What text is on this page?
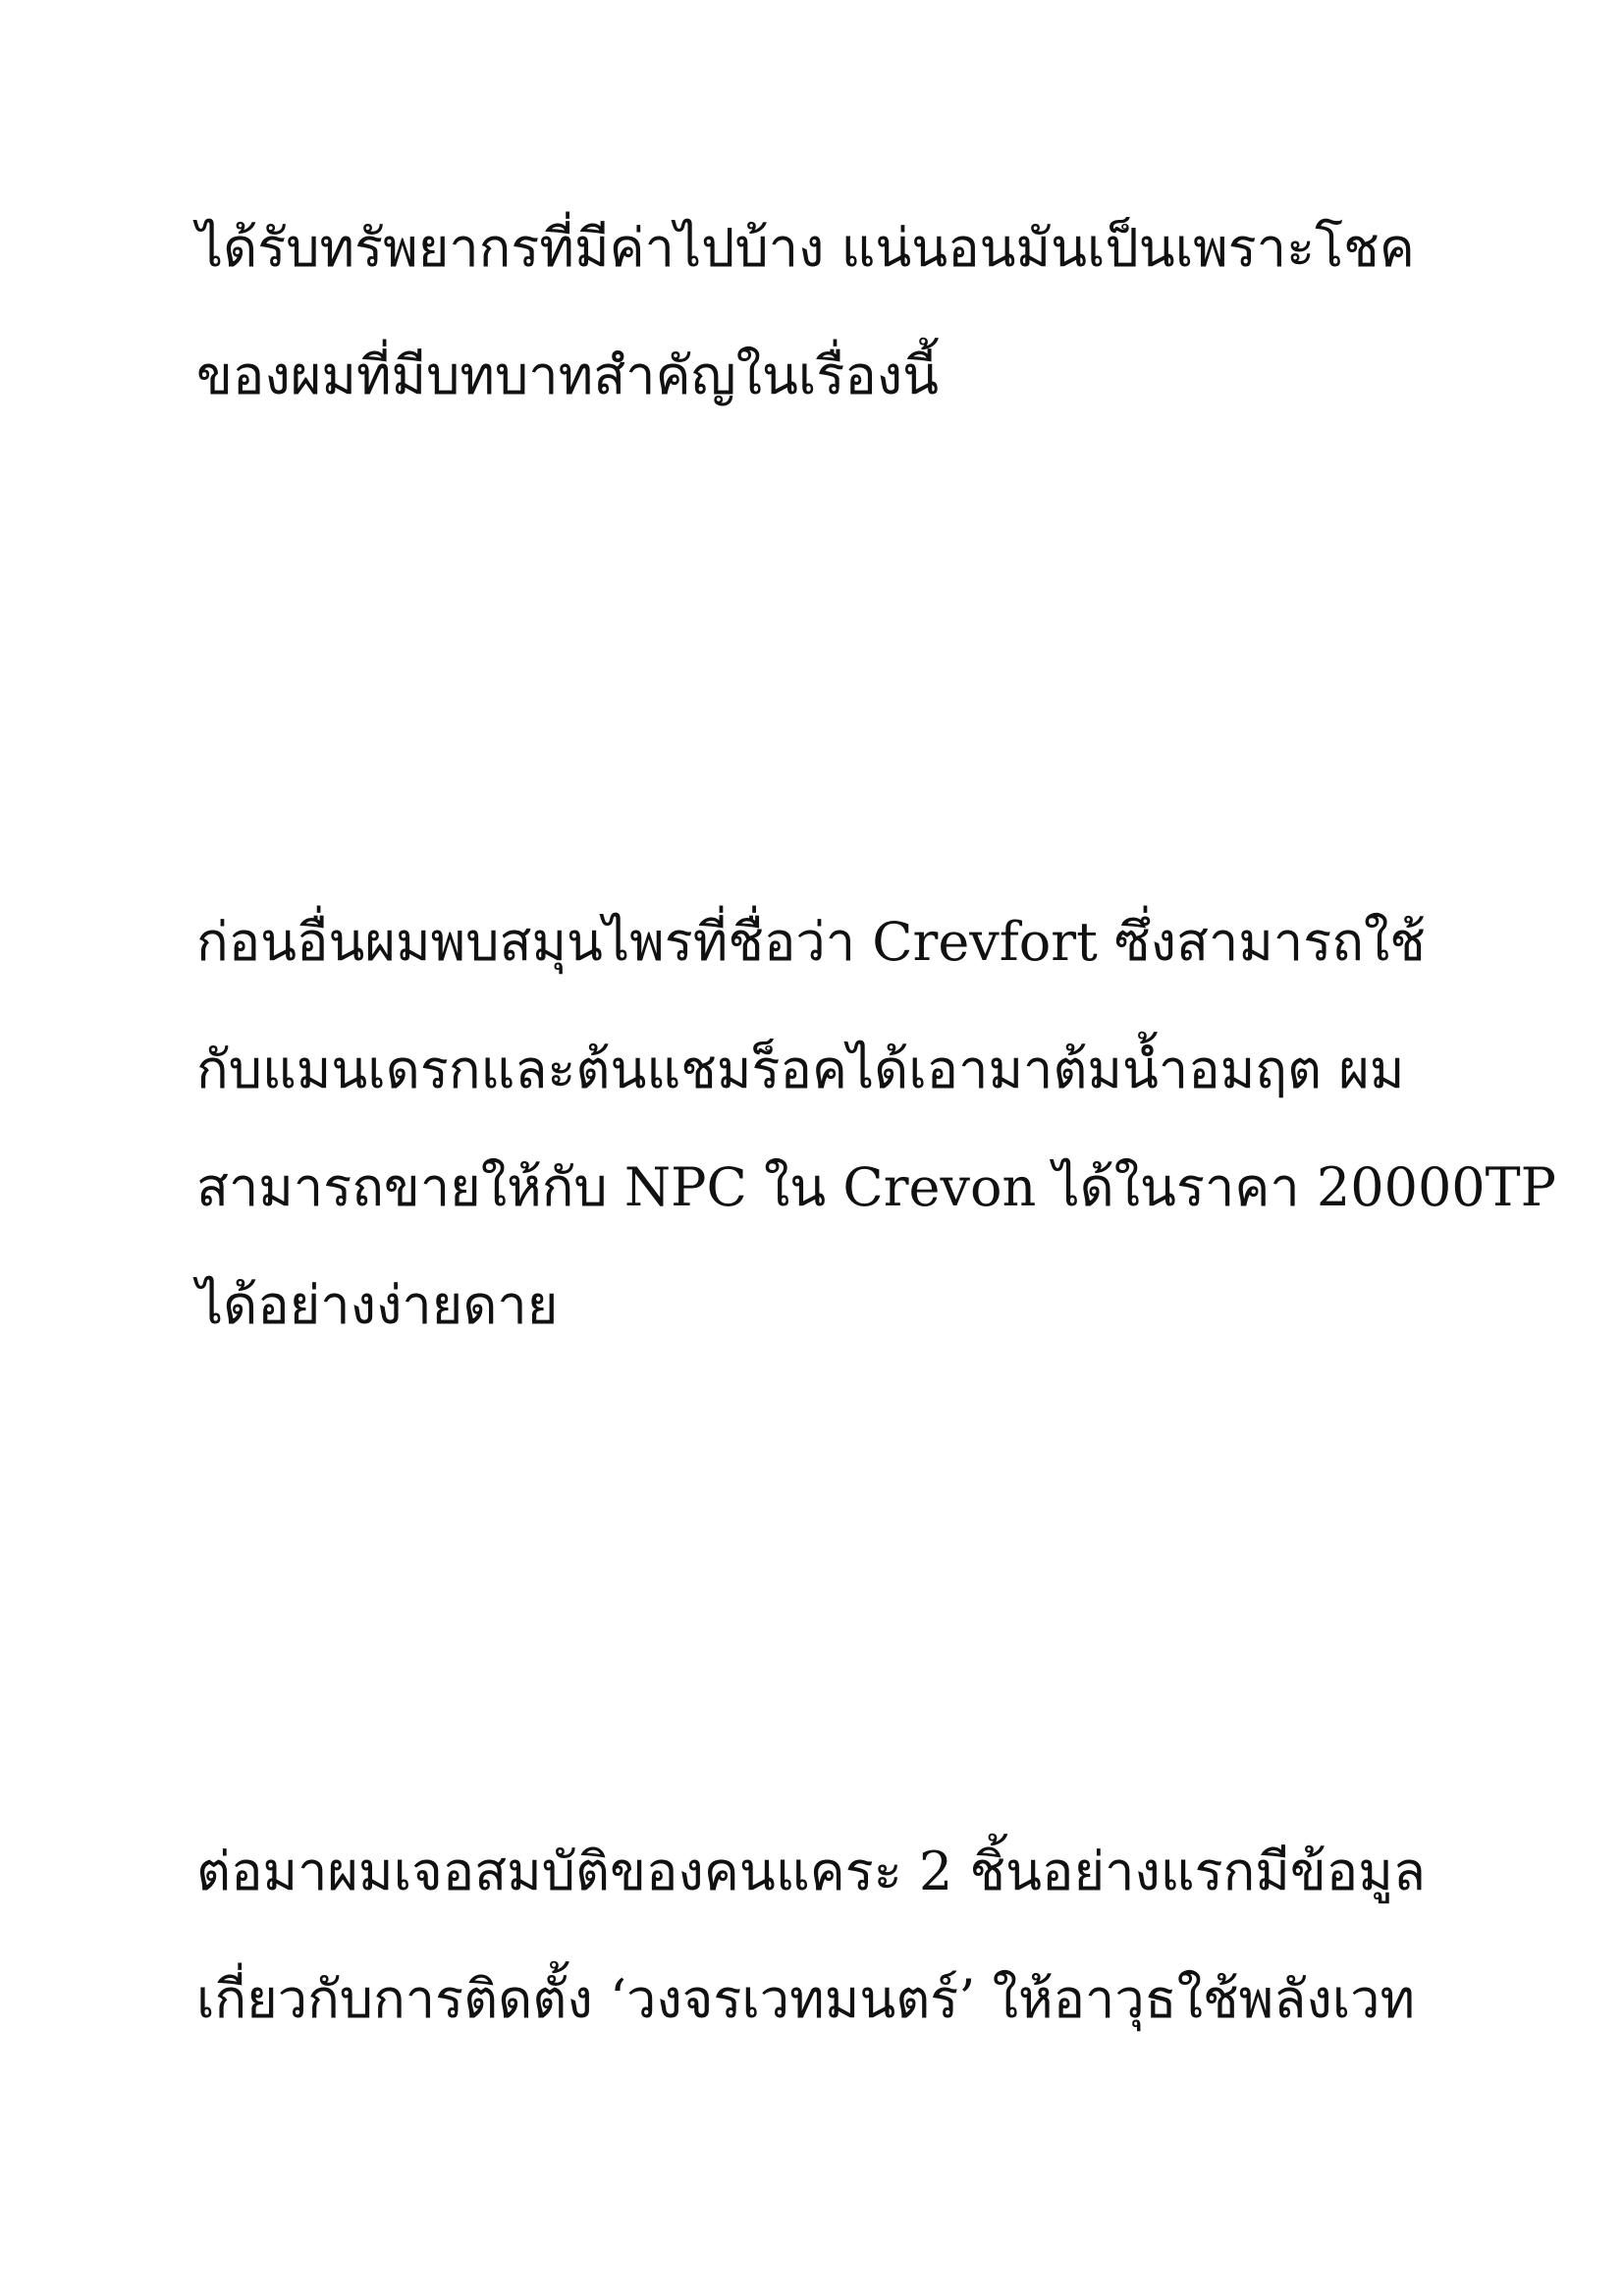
ได้รับทรัพยากรที่มีค่าไปบ้าง แน่นอนมันเป็นเพราะโชค
ของผมที่มีบทบาทสำคัญในเรื่องนี้
ก่อนอื่นผมพบสมุนไพรที่ชื่อว่า Crevfort ซึ่งสามารถใช้
กับแมนเดรกและต้นแชมร็อคได้เอามาต้มน้ำอมฤต ผม
สามารถขายให้กับ NPC ใน Crevon ได้ในราคา 20000TP
ได้อย่างง่ายดาย
ต่อมาผมเจอสมบัติของคนแคระ 2 ชิ้นอย่างแรกมีข้อมูล
เกี่ยวกับการติดตั้ง ‘วงจรเวทมนตร์’ ให้อาวุธใช้พลังเวท
